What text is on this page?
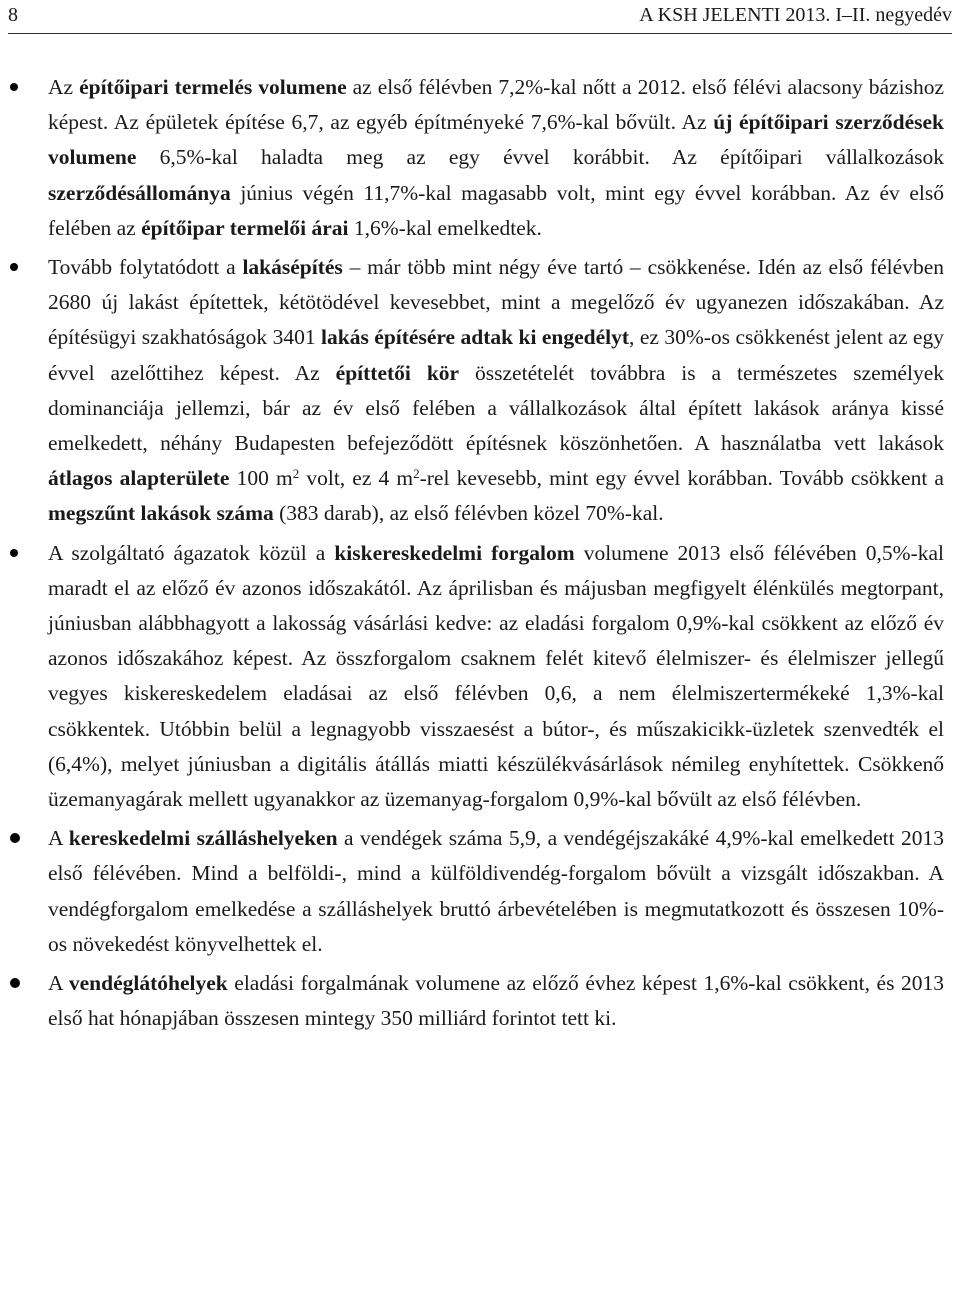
8	A KSH JELENTI 2013. I–II. negyedév
Az építőipari termelés volumene az első félévben 7,2%-kal nőtt a 2012. első félévi alacsony bázishoz képest. Az épületek építése 6,7, az egyéb építményeké 7,6%-kal bővült. Az új építőipari szerződések volumene 6,5%-kal haladta meg az egy évvel korábbit. Az építőipari vállalkozások szerződésállománya június végén 11,7%-kal magasabb volt, mint egy évvel korábban. Az év első felében az építőipar termelői árai 1,6%-kal emelkedtek.
Tovább folytatódott a lakásépítés – már több mint négy éve tartó – csökkenése. Idén az első félévben 2680 új lakást építettek, kétötödével kevesebbet, mint a megelőző év ugyanezen időszakában. Az építésügyi szakhatóságok 3401 lakás építésére adtak ki engedélyt, ez 30%-os csökkenést jelent az egy évvel azelőttihez képest. Az építtetői kör összetételét továbbra is a természetes személyek dominanciája jellemzi, bár az év első felében a vállalkozások által épített lakások aránya kissé emelkedett, néhány Budapesten befejeződött építésnek köszönhetően. A használatba vett lakások átlagos alapterülete 100 $m^2$ volt, ez 4 $m^2$-rel kevesebb, mint egy évvel korábban. Tovább csökkent a megszűnt lakások száma (383 darab), az első félévben közel 70%-kal.
A szolgáltató ágazatok közül a kiskereskedelmi forgalom volumene 2013 első félévében 0,5%-kal maradt el az előző év azonos időszakától. Az áprilisban és májusban megfigyelt élénkülés megtorpant, júniusban alábbhagyott a lakosság vásárlási kedve: az eladási forgalom 0,9%-kal csökkent az előző év azonos időszakához képest. Az összforgalom csaknem felét kitevő élelmiszer- és élelmiszer jellegű vegyes kiskereskedelem eladásai az első félévben 0,6, a nem élelmiszertermékeké 1,3%-kal csökkentek. Utóbbin belül a legnagyobb visszaesést a bútor-, és műszakicikk-üzletek szenvedték el (6,4%), melyet júniusban a digitális átállás miatti készülékvásárlások némileg enyhítettek. Csökkenő üzemanyagárak mellett ugyanakkor az üzemanyag-forgalom 0,9%-kal bővült az első félévben.
A kereskedelmi szálláshelyeken a vendégek száma 5,9, a vendégéjszakáké 4,9%-kal emelkedett 2013 első félévében. Mind a belföldi-, mind a külföldivendég-forgalom bővült a vizsgált időszakban. A vendégforgalom emelkedése a szálláshelyek bruttó árbevételében is megmutatkozott és összesen 10%-os növekedést könyvelhettek el.
A vendéglátóhelyek eladási forgalmának volumene az előző évhez képest 1,6%-kal csökkent, és 2013 első hat hónapjában összesen mintegy 350 milliárd forintot tett ki.
